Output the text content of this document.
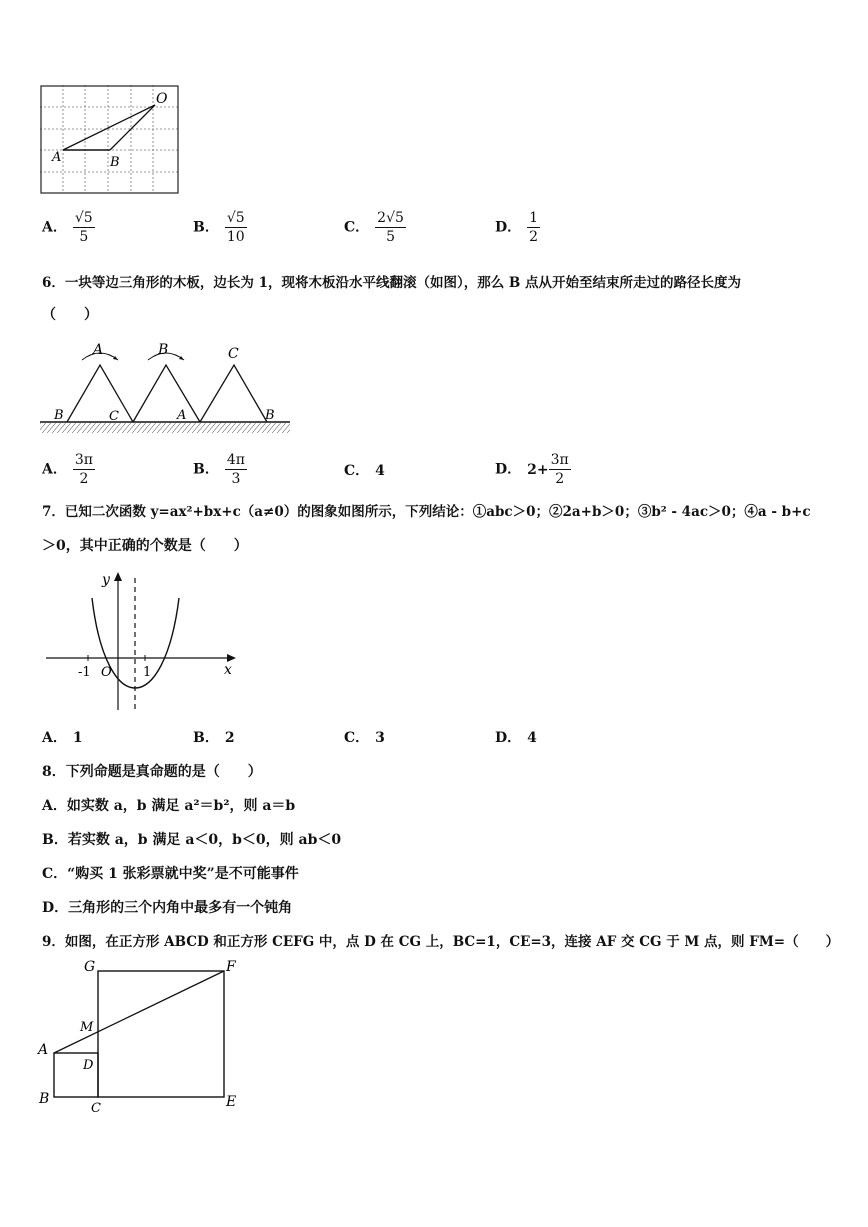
O
A	B
A． $\frac{√5}{5}$	B． $\frac{√5}{10}$	C． $\frac{2√5}{5}$	D． $\frac{1}{2}$
6．一块等边三角形的木板，边长为 1，现将木板沿水平线翻滚（如图），那么 B 点从开始至结束所走过的路径长度为
（　　）
A	B	C
B	C	A	B
A． $\frac{3\pi}{2}$	B． $\frac{4\pi}{3}$	C． 4	D． $2+ \frac{3\pi}{2}$
7．已知二次函数 y=ax²+bx+c（a≠0）的图象如图所示，下列结论：①abc＞0；②2a+b＞0；③b² - 4ac＞0；④a - b+c
＞0，其中正确的个数是（　　）
y
x
O
-1	1
A． 1	B． 2	C． 3	D． 4
8．下列命题是真命题的是（　　）
A．如实数 a，b 满足 a²＝b²，则 a＝b
B．若实数 a，b 满足 a＜0，b＜0，则 ab＜0
C．“购买 1 张彩票就中奖”是不可能事件
D．三角形的三个内角中最多有一个钝角
9．如图，在正方形 ABCD 和正方形 CEFG 中，点 D 在 CG 上，BC=1，CE=3，连接 AF 交 CG 于 M 点，则 FM=（　　）
G	F
M
A
D
B
C	E
